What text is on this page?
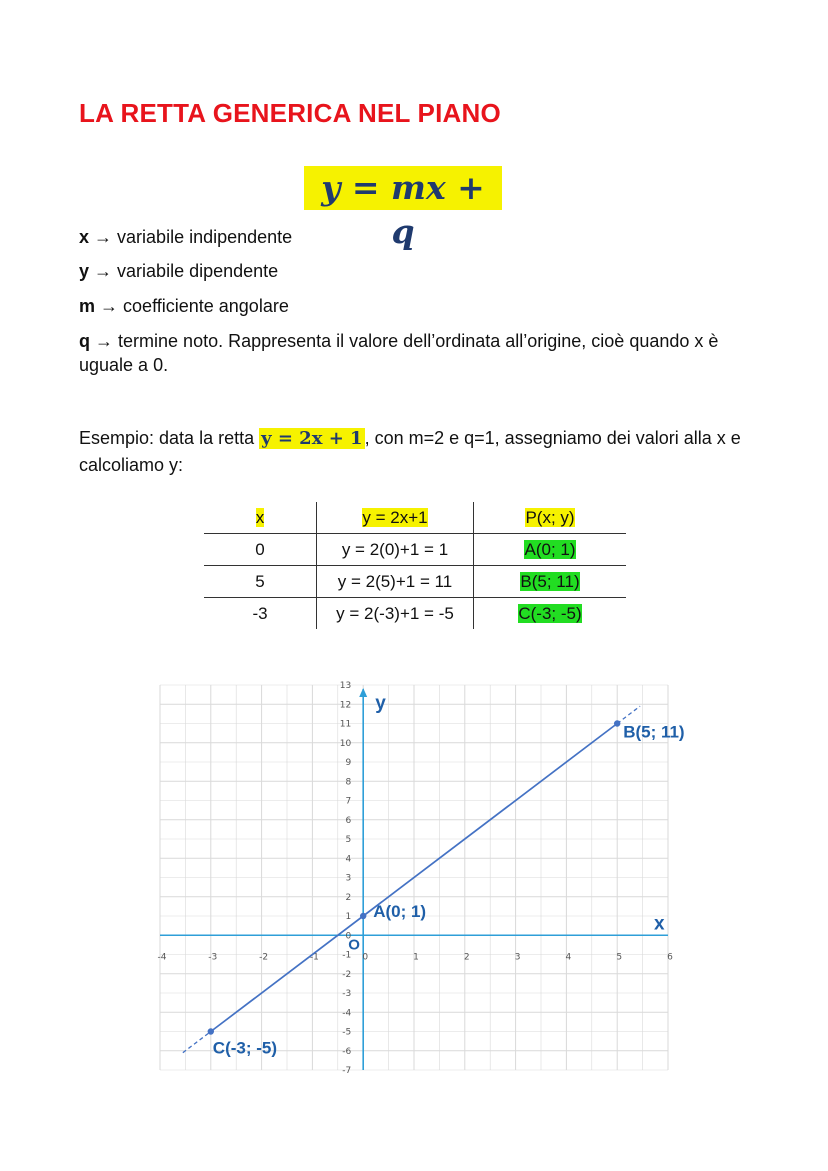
LA RETTA GENERICA NEL PIANO
y = mx + q
x → variabile indipendente
y → variabile dipendente
m → coefficiente angolare
q → termine noto. Rappresenta il valore dell’ordinata all’origine, cioè quando x è uguale a 0.
Esempio: data la retta y = 2x + 1 , con m=2 e q=1, assegniamo dei valori alla x e calcoliamo y:
x	y = 2x+1	P(x; y)
0	y = 2(0)+1 = 1	A(0; 1)
5	y = 2(5)+1 = 11	B(5; 11)
-3	y = 2(-3)+1 = -5	C(-3; -5)
y
x
O
-4	-3	-2	-1	0	1	2	3	4	5	6
-7
-6
-5
-4
-3
-2
-1
0
1
2
3
4
5
6
7
8
9
10
11
12
13
A(0; 1)
B(5; 11)
C(-3; -5)
